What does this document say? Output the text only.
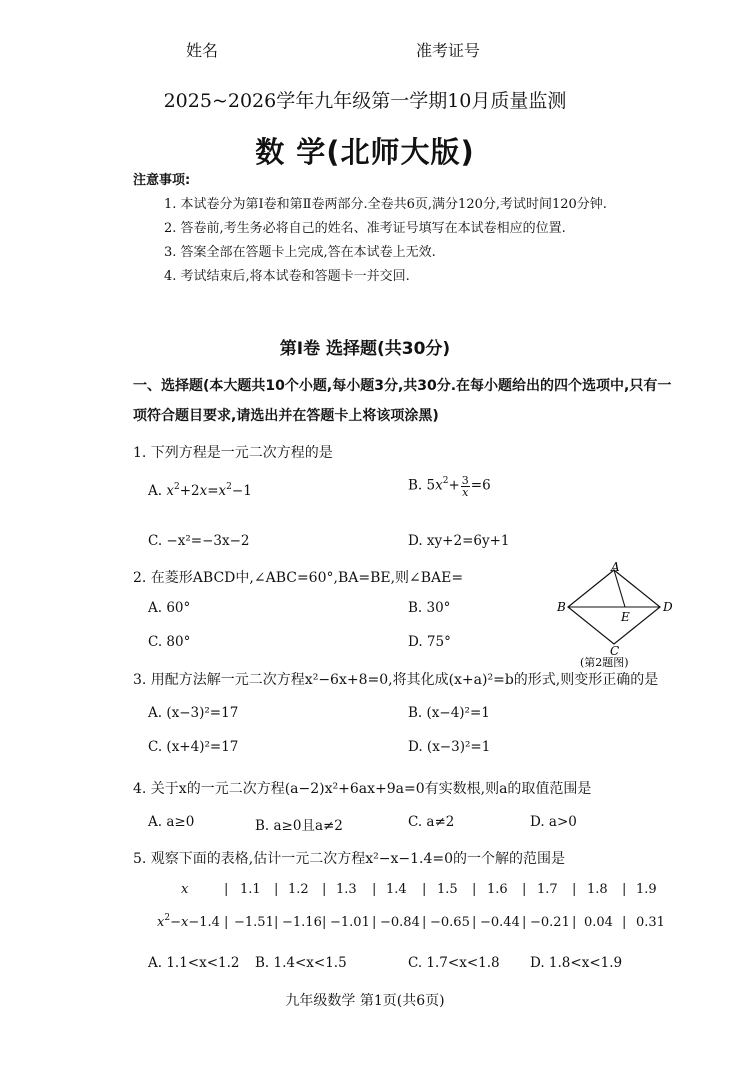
姓名	准考证号
2025~2026学年九年级第一学期10月质量监测
数 学(北师大版)
注意事项:
1. 本试卷分为第Ⅰ卷和第Ⅱ卷两部分.全卷共6页,满分120分,考试时间120分钟.
2. 答卷前,考生务必将自己的姓名、准考证号填写在本试卷相应的位置.
3. 答案全部在答题卡上完成,答在本试卷上无效.
4. 考试结束后,将本试卷和答题卡一并交回.
第Ⅰ卷 选择题(共30分)
一、选择题(本大题共10个小题,每小题3分,共30分.在每小题给出的四个选项中,只有一
项符合题目要求,请选出并在答题卡上将该项涂黑)
1. 下列方程是一元二次方程的是
A. $x^2+2x=x^2-1$	B. $5x^2+ \frac{3}{x} =6$
C. −x²=−3x−2	D. xy+2=6y+1
2. 在菱形ABCD中,∠ABC=60°,BA=BE,则∠BAE=
A. 60°	B. 30°
C. 80°	D. 75°
A
B
C
D
E
(第2题图)
3. 用配方法解一元二次方程x²−6x+8=0,将其化成(x+a)²=b的形式,则变形正确的是
A. (x−3)²=17	B. (x−4)²=1
C. (x+4)²=17	D. (x−3)²=1
4. 关于x的一元二次方程(a−2)x²+6ax+9a=0有实数根,则a的取值范围是
A. a≥0	B. a≥0且a≠2	C. a≠2	D. a>0
5. 观察下面的表格,估计一元二次方程x²−x−1.4=0的一个解的范围是
x	| 1.1 | 1.2 | 1.3 | 1.4 | 1.5 | 1.6 | 1.7 | 1.8 | 1.9
$x^2-x-1.4$ | −1.51 | −1.16 | −1.01 | −0.84 | −0.65 | −0.44 | −0.21 | 0.04 | 0.31
A. 1.1<x<1.2 B. 1.4<x<1.5	C. 1.7<x<1.8 D. 1.8<x<1.9
九年级数学 第1页(共6页)
